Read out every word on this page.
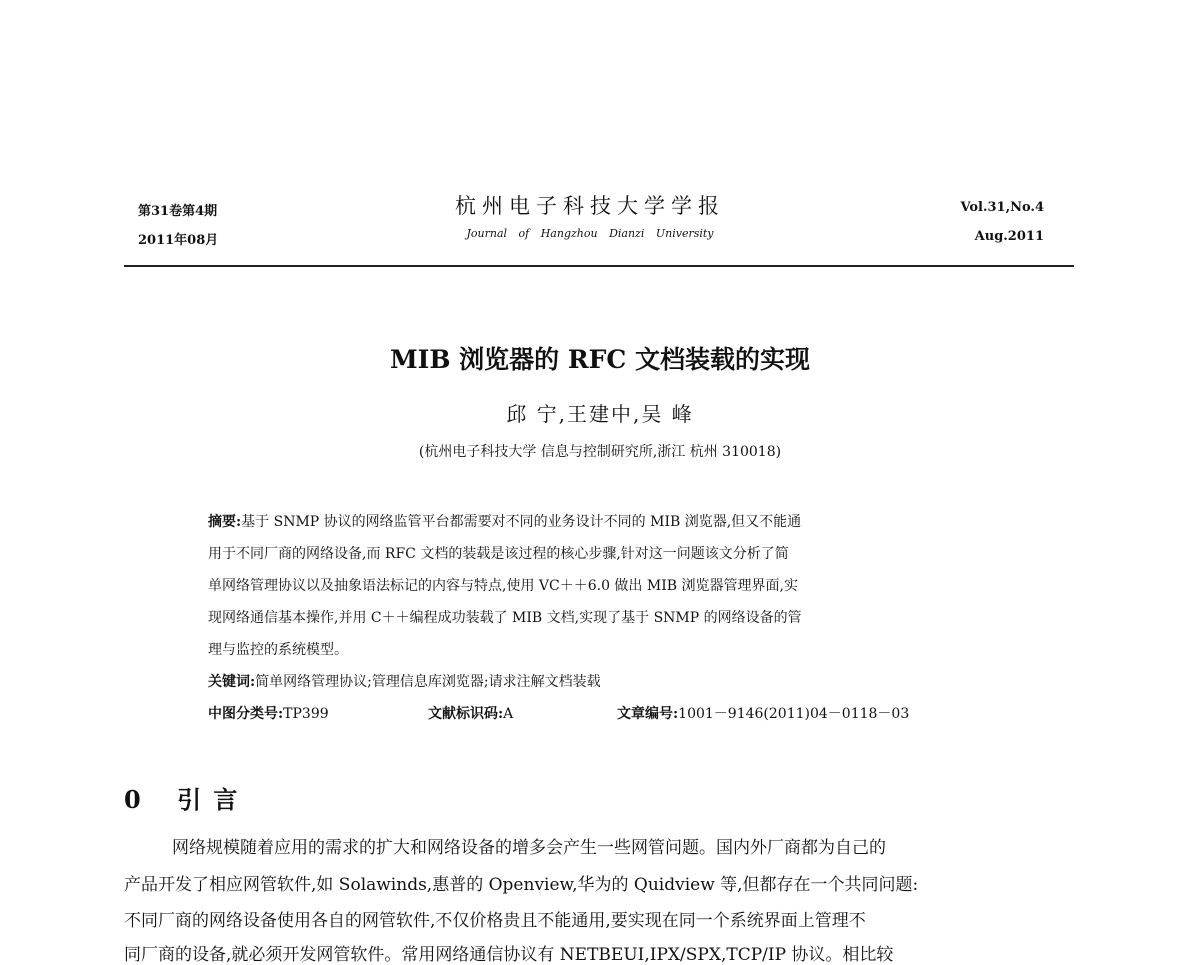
第31卷第4期
2011年08月
杭州电子科技大学学报
Journal of Hangzhou Dianzi University
Vol.31,No.4
Aug.2011
MIB 浏览器的 RFC 文档装载的实现
邱 宁,王建中,吴 峰
(杭州电子科技大学 信息与控制研究所,浙江 杭州 310018)
摘要:基于 SNMP 协议的网络监管平台都需要对不同的业务设计不同的 MIB 浏览器,但又不能通
用于不同厂商的网络设备,而 RFC 文档的装载是该过程的核心步骤,针对这一问题该文分析了简
单网络管理协议以及抽象语法标记的内容与特点,使用 VC＋＋6.0 做出 MIB 浏览器管理界面,实
现网络通信基本操作,并用 C＋＋编程成功装载了 MIB 文档,实现了基于 SNMP 的网络设备的管
理与监控的系统模型。
关键词:简单网络管理协议;管理信息库浏览器;请求注解文档装载
中图分类号:TP399	文献标识码:A	文章编号:1001－9146(2011)04－0118－03
0 引 言
网络规模随着应用的需求的扩大和网络设备的增多会产生一些网管问题。国内外厂商都为自己的
产品开发了相应网管软件,如 Solawinds,惠普的 Openview,华为的 Quidview 等,但都存在一个共同问题:
不同厂商的网络设备使用各自的网管软件,不仅价格贵且不能通用,要实现在同一个系统界面上管理不
同厂商的设备,就必须开发网管软件。常用网络通信协议有 NETBEUI,IPX/SPX,TCP/IP 协议。相比较
